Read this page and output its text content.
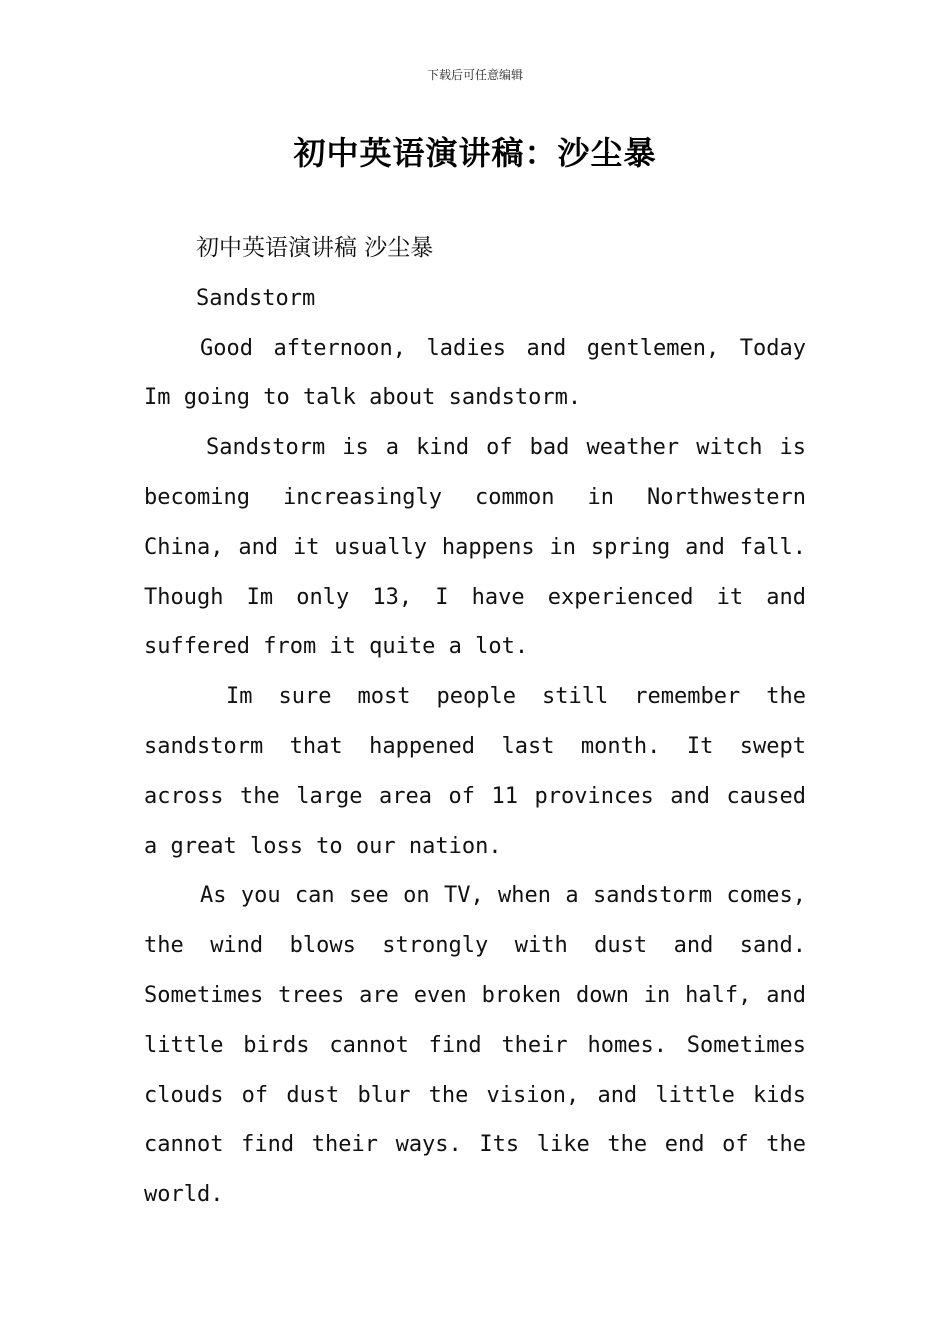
下载后可任意编辑
初中英语演讲稿：沙尘暴
初中英语演讲稿 沙尘暴
Sandstorm

Good afternoon, ladies and gentlemen, Today Im going to talk about sandstorm.

Sandstorm is a kind of bad weather witch is becoming increasingly common in Northwestern China, and it usually happens in spring and fall. Though Im only 13, I have experienced it and suffered from it quite a lot.

Im sure most people still remember the sandstorm that happened last month. It swept across the large area of 11 provinces and caused a great loss to our nation.

As you can see on TV, when a sandstorm comes, the wind blows strongly with dust and sand. Sometimes trees are even broken down in half, and little birds cannot find their homes. Sometimes clouds of dust blur the vision, and little kids cannot find their ways. Its like the end of the world.
